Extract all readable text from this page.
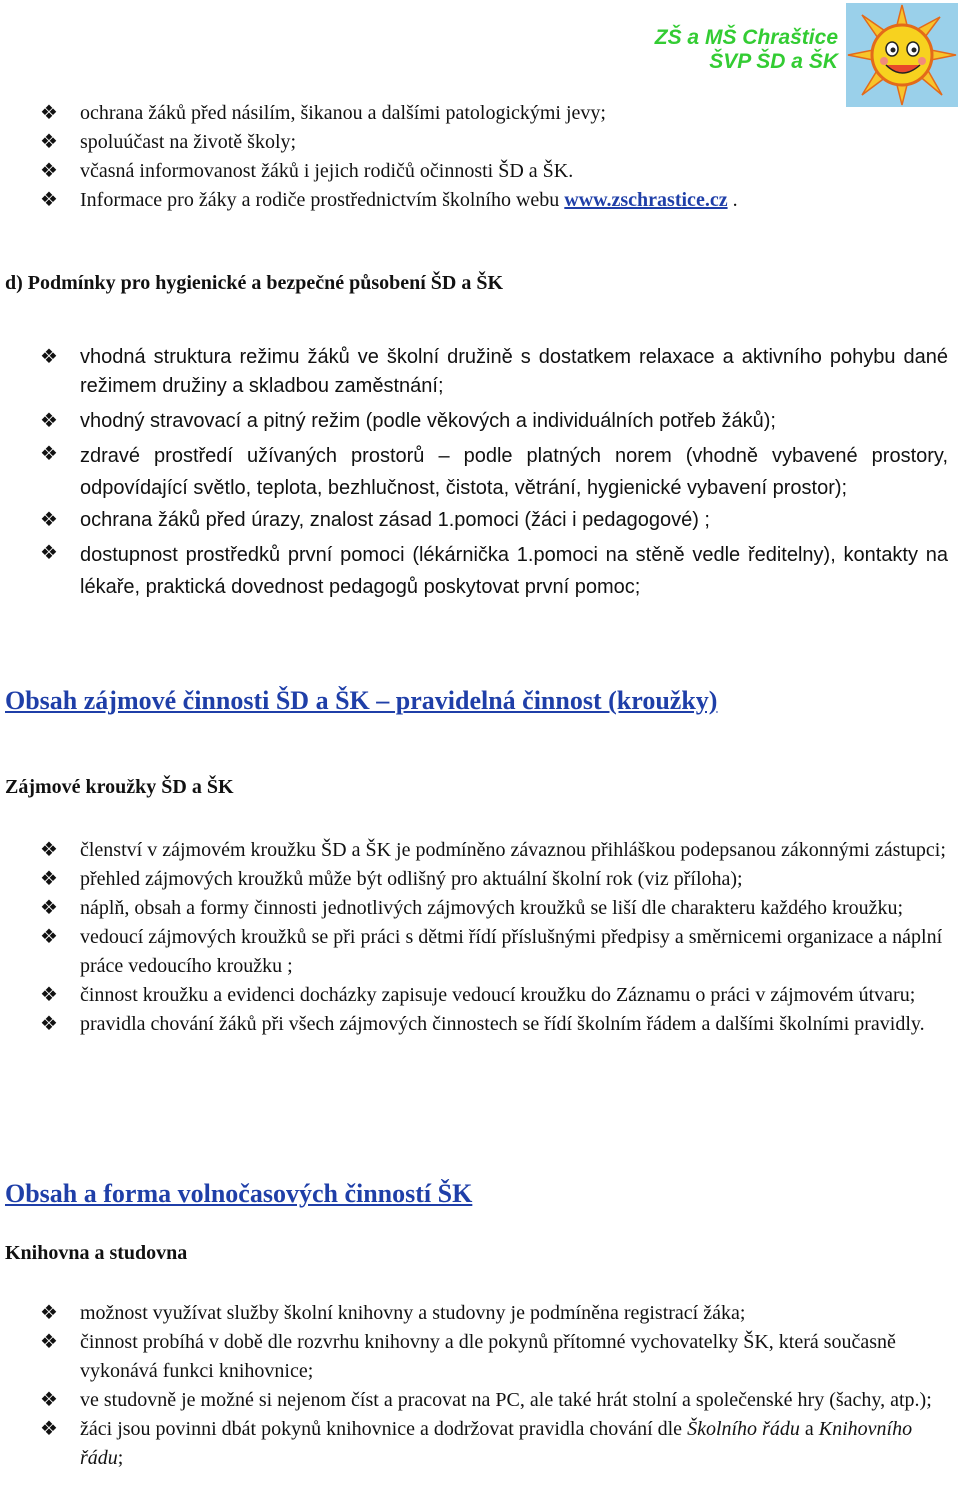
ZŠ a MŠ Chraštice
ŠVP ŠD a ŠK
❖ ochrana žáků před násilím, šikanou a dalšími patologickými jevy;
❖ spoluúčast na životě školy;
❖ včasná informovanost žáků i jejich rodičů očinnosti ŠD a ŠK.
❖ Informace pro žáky a rodiče prostřednictvím školního webu www.zschrastice.cz .
d) Podmínky pro hygienické a bezpečné působení ŠD a ŠK
❖ vhodná struktura režimu žáků ve školní družině s dostatkem relaxace a aktivního pohybu dané režimem družiny a skladbou zaměstnání;
❖ vhodný stravovací a pitný režim (podle věkových a individuálních potřeb žáků);
❖ zdravé prostředí užívaných prostorů – podle platných norem (vhodně vybavené prostory, odpovídající světlo, teplota, bezhlučnost, čistota, větrání, hygienické vybavení prostor);
❖ ochrana žáků před úrazy, znalost zásad 1.pomoci (žáci i pedagogové) ;
❖ dostupnost prostředků první pomoci (lékárnička 1.pomoci na stěně vedle ředitelny), kontakty na lékaře, praktická dovednost pedagogů poskytovat první pomoc;
Obsah zájmové činnosti ŠD a ŠK – pravidelná činnost (kroužky)
Zájmové kroužky ŠD a ŠK
❖ členství v zájmovém kroužku ŠD a ŠK je podmíněno závaznou přihláškou podepsanou zákonnými zástupci;
❖ přehled zájmových kroužků může být odlišný pro aktuální školní rok (viz příloha);
❖ náplň, obsah a formy činnosti jednotlivých zájmových kroužků se liší dle charakteru každého kroužku;
❖ vedoucí zájmových kroužků se při práci s dětmi řídí příslušnými předpisy a směrnicemi organizace a náplní práce vedoucího kroužku ;
❖ činnost kroužku a evidenci docházky zapisuje vedoucí kroužku do Záznamu o práci v zájmovém útvaru;
❖ pravidla chování žáků při všech zájmových činnostech se řídí školním řádem a dalšími školními pravidly.
Obsah a forma volnočasových činností ŠK
Knihovna a studovna
❖ možnost využívat služby školní knihovny a studovny je podmíněna registrací žáka;
❖ činnost probíhá v době dle rozvrhu knihovny a dle pokynů přítomné vychovatelky ŠK, která současně vykonává funkci knihovnice;
❖ ve studovně je možné si nejenom číst a pracovat na PC, ale také hrát stolní a společenské hry (šachy, atp.);
❖ žáci jsou povinni dbát pokynů knihovnice a dodržovat pravidla chování dle Školního řádu a Knihovního řádu;
